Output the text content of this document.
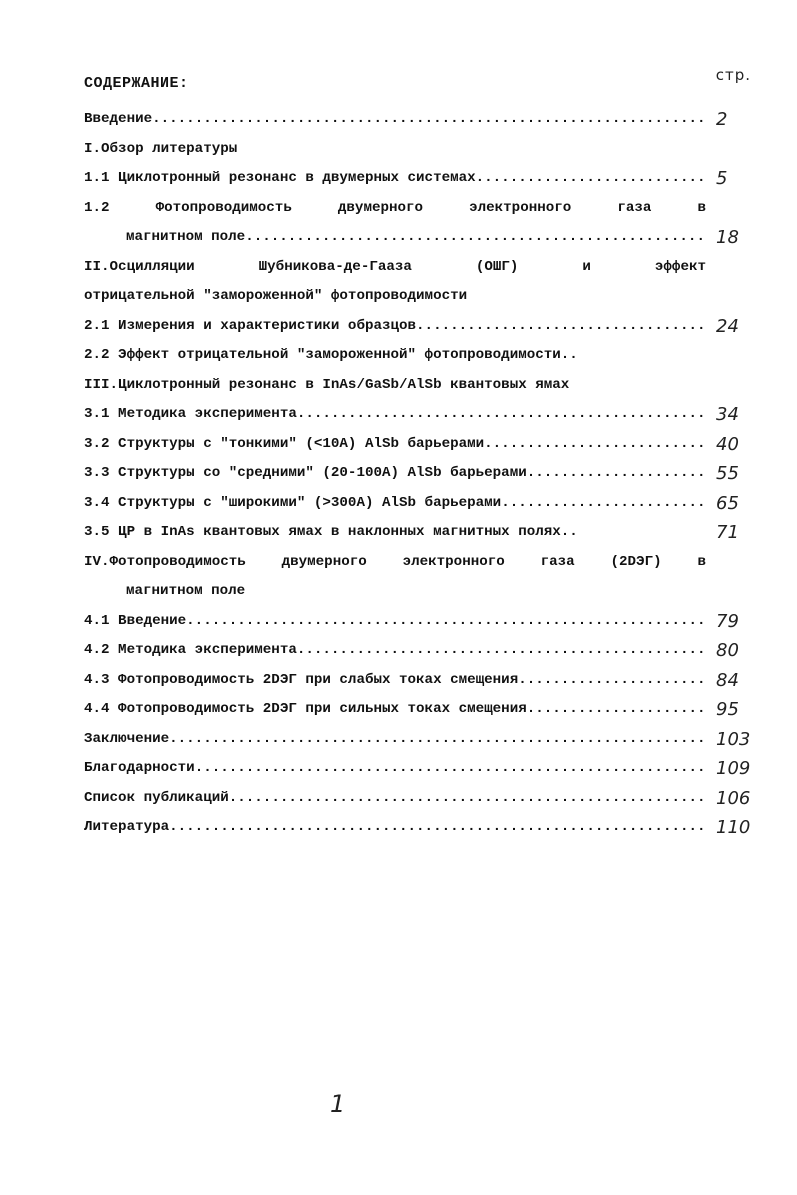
СОДЕРЖАНИЕ:	стр.
Введение .....	2
I.Обзор литературы
1.1 Циклотронный резонанс в двумерных системах .....	5
1.2	Фотопроводимость	двумерного	электронного	газа	в
магнитном поле .....	18
II.Осцилляции	Шубникова-де-Гааза	(ОШГ)	и	эффект
отрицательной "замороженной" фотопроводимости
2.1 Измерения и характеристики образцов .....	24
2.2 Эффект отрицательной "замороженной" фотопроводимости..
III.Циклотронный резонанс в InAs/GaSb/AlSb квантовых ямах
3.1 Методика эксперимента .....	34
3.2 Структуры с "тонкими" (<10A) AlSb барьерами. .....	40
3.3 Структуры со "средними" (20-100A) AlSb барьерами .....	55
3.4 Структуры с "широкими" (>300A) AlSb барьерами .....	65
3.5 ЦР в InAs квантовых ямах в наклонных магнитных полях..	71
IV.Фотопроводимость	двумерного	электронного	газа	(2DЭГ)	в
магнитном поле
4.1 Введение .....	79
4.2 Методика эксперимента .....	80
4.3 Фотопроводимость 2DЭГ при слабых токах смещения .....	84
4.4 Фотопроводимость 2DЭГ при сильных токах смещения .....	95
Заключение .....	103
Благодарности .....	109
Список публикаций .....	106
Литература .....	110
1
